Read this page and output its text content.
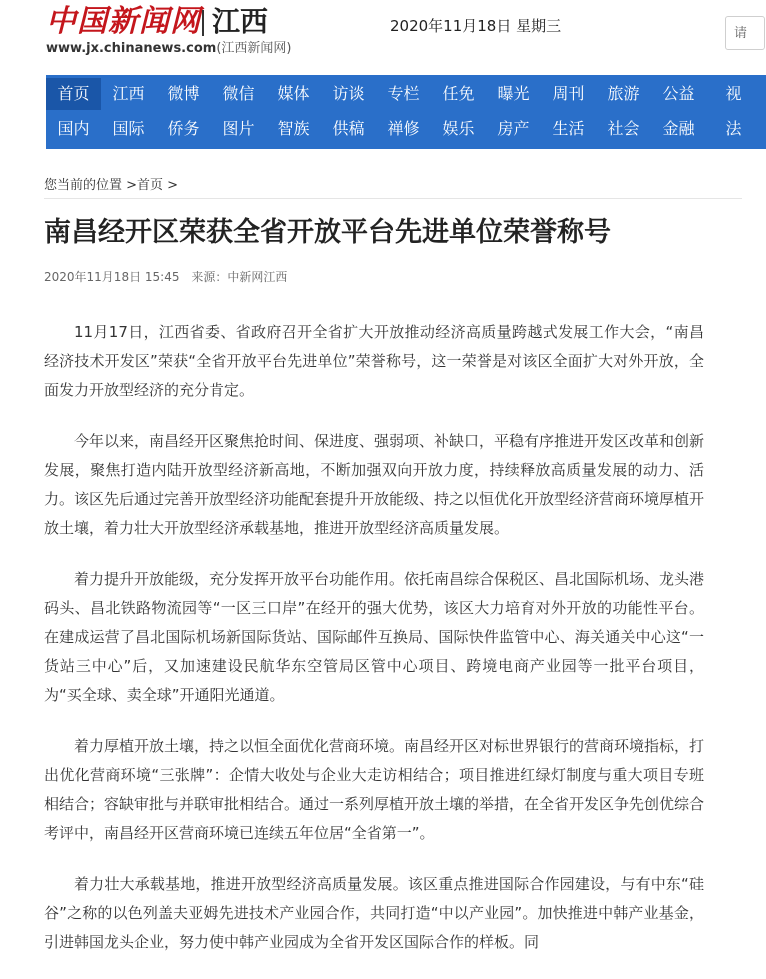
中国新闻网 江西
www.jx.chinanews.com(江西新闻网)
2020年11月18日 星期三	请
首页 江西 微博 微信 媒体 访谈 专栏 任免 曝光 周刊 旅游 公益 视
国内 国际 侨务 图片 智族 供稿 禅修 娱乐 房产 生活 社会 金融 法
您当前的位置 >首页 >
南昌经开区荣获全省开放平台先进单位荣誉称号
2020年11月18日 15:45 来源：中新网江西

11月17日，江西省委、省政府召开全省扩大开放推动经济高质量跨越式发展工作大会，“南昌经济技术开发区”荣获“全省开放平台先进单位”荣誉称号，这一荣誉是对该区全面扩大对外开放，全面发力开放型经济的充分肯定。

今年以来，南昌经开区聚焦抢时间、保进度、强弱项、补缺口，平稳有序推进开发区改革和创新发展，聚焦打造内陆开放型经济新高地，不断加强双向开放力度，持续释放高质量发展的动力、活力。该区先后通过完善开放型经济功能配套提升开放能级、持之以恒优化开放型经济营商环境厚植开放土壤，着力壮大开放型经济承载基地，推进开放型经济高质量发展。

着力提升开放能级，充分发挥开放平台功能作用。依托南昌综合保税区、昌北国际机场、龙头港码头、昌北铁路物流园等“一区三口岸”在经开的强大优势，该区大力培育对外开放的功能性平台。在建成运营了昌北国际机场新国际货站、国际邮件互换局、国际快件监管中心、海关通关中心这“一货站三中心”后，又加速建设民航华东空管局区管中心项目、跨境电商产业园等一批平台项目，为“买全球、卖全球”开通阳光通道。

着力厚植开放土壤，持之以恒全面优化营商环境。南昌经开区对标世界银行的营商环境指标，打出优化营商环境“三张牌”：企情大收处与企业大走访相结合；项目推进红绿灯制度与重大项目专班相结合；容缺审批与并联审批相结合。通过一系列厚植开放土壤的举措，在全省开发区争先创优综合考评中，南昌经开区营商环境已连续五年位居“全省第一”。

着力壮大承载基地，推进开放型经济高质量发展。该区重点推进国际合作园建设，与有中东“硅谷”之称的以色列盖夫亚姆先进技术产业园合作，共同打造“中以产业园”。加快推进中韩产业基金，引进韩国龙头企业，努力使中韩产业园成为全省开发区国际合作的样板。同
